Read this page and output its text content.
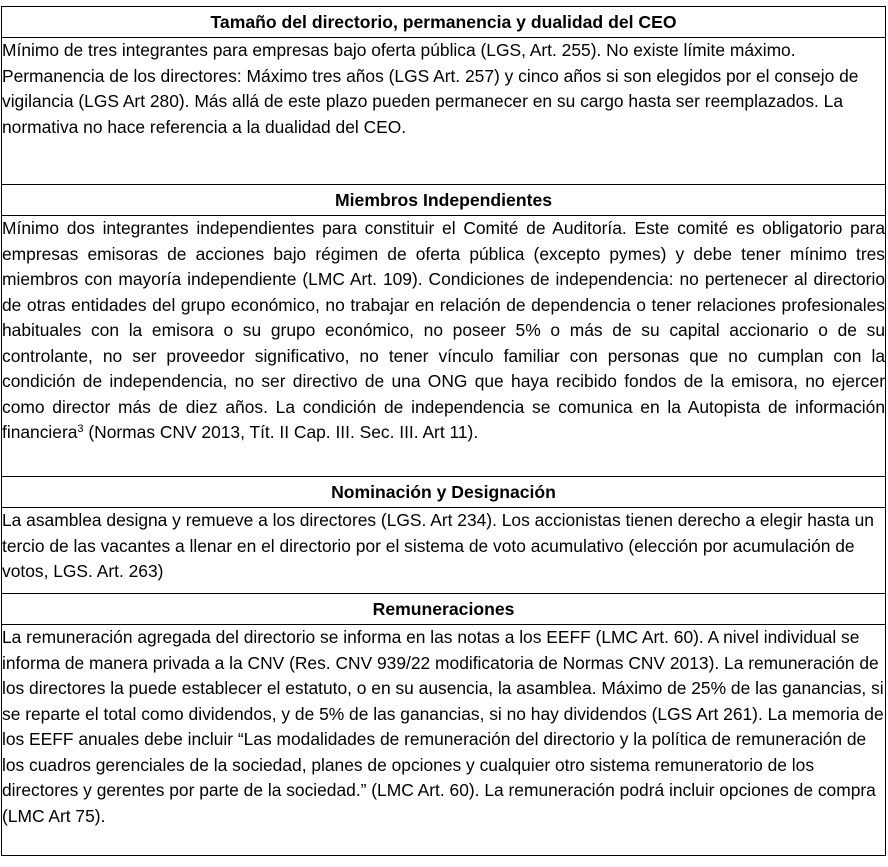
Tamaño del directorio, permanencia y dualidad del CEO
Mínimo de tres integrantes para empresas bajo oferta pública (LGS, Art. 255). No existe límite máximo. Permanencia de los directores: Máximo tres años (LGS Art. 257) y cinco años si son elegidos por el consejo de vigilancia (LGS Art 280). Más allá de este plazo pueden permanecer en su cargo hasta ser reemplazados. La normativa no hace referencia a la dualidad del CEO.
Miembros Independientes
Mínimo dos integrantes independientes para constituir el Comité de Auditoría. Este comité es obligatorio para empresas emisoras de acciones bajo régimen de oferta pública (excepto pymes) y debe tener mínimo tres miembros con mayoría independiente (LMC Art. 109). Condiciones de independencia: no pertenecer al directorio de otras entidades del grupo económico, no trabajar en relación de dependencia o tener relaciones profesionales habituales con la emisora o su grupo económico, no poseer 5% o más de su capital accionario o de su controlante, no ser proveedor significativo, no tener vínculo familiar con personas que no cumplan con la condición de independencia, no ser directivo de una ONG que haya recibido fondos de la emisora, no ejercer como director más de diez años. La condición de independencia se comunica en la Autopista de información financiera$^3$ (Normas CNV 2013, Tít. II Cap. III. Sec. III. Art 11).
Nominación y Designación
La asamblea designa y remueve a los directores (LGS. Art 234). Los accionistas tienen derecho a elegir hasta un tercio de las vacantes a llenar en el directorio por el sistema de voto acumulativo (elección por acumulación de votos, LGS. Art. 263)
Remuneraciones
La remuneración agregada del directorio se informa en las notas a los EEFF (LMC Art. 60). A nivel individual se informa de manera privada a la CNV (Res. CNV 939/22 modificatoria de Normas CNV 2013). La remuneración de los directores la puede establecer el estatuto, o en su ausencia, la asamblea. Máximo de 25% de las ganancias, si se reparte el total como dividendos, y de 5% de las ganancias, si no hay dividendos (LGS Art 261). La memoria de los EEFF anuales debe incluir “Las modalidades de remuneración del directorio y la política de remuneración de los cuadros gerenciales de la sociedad, planes de opciones y cualquier otro sistema remuneratorio de los directores y gerentes por parte de la sociedad.” (LMC Art. 60). La remuneración podrá incluir opciones de compra (LMC Art 75).
